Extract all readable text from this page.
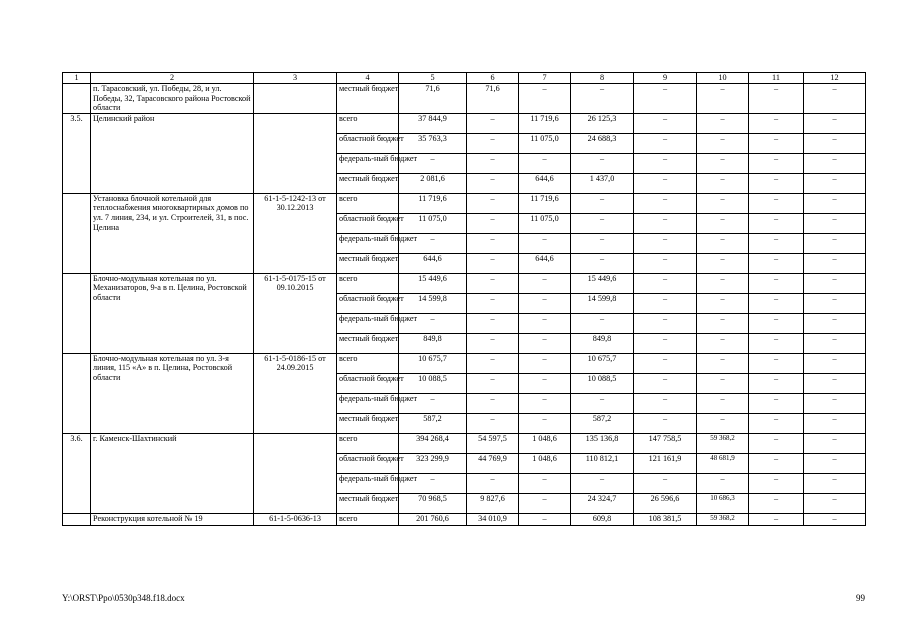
1	2	3	4	5	6	7	8	9	10	11	12
	п. Тарасовский, ул. Победы, 28, и ул. Победы, 32, Тарасовского района Ростовской области		местный бюджет	71,6	71,6	–	–	–	–	–	–
3.5.	Целинский район		всего	37 844,9	–	11 719,6	26 125,3	–	–	–	–
			областной бюджет	35 763,3	–	11 075,0	24 688,3	–	–	–	–
			федераль-ный бюджет	–	–	–	–	–	–	–	–
			местный бюджет	2 081,6	–	644,6	1 437,0	–	–	–	–
	Установка блочной котельной для теплоснабжения многоквартирных домов по ул. 7 линия, 234, и ул. Строителей, 31, в пос. Целина	61-1-5-1242-13 от 30.12.2013	всего	11 719,6	–	11 719,6	–	–	–	–	–
			областной бюджет	11 075,0	–	11 075,0	–	–	–	–	–
			федераль-ный бюджет	–	–	–	–	–	–	–	–
			местный бюджет	644,6	–	644,6	–	–	–	–	–
	Блочно-модульная котельная по ул. Механизаторов, 9-а в п. Целина, Ростовской области	61-1-5-0175-15 от 09.10.2015	всего	15 449,6	–	–	15 449,6	–	–	–	–
			областной бюджет	14 599,8	–	–	14 599,8	–	–	–	–
			федераль-ный бюджет	–	–	–	–	–	–	–	–
			местный бюджет	849,8	–	–	849,8	–	–	–	–
	Блочно-модульная котельная по ул. 3-я линия, 115 «А» в п. Целина, Ростовской области	61-1-5-0186-15 от 24.09.2015	всего	10 675,7	–	–	10 675,7	–	–	–	–
			областной бюджет	10 088,5	–	–	10 088,5	–	–	–	–
			федераль-ный бюджет	–	–	–	–	–	–	–	–
			местный бюджет	587,2	–	–	587,2	–	–	–	–
3.6.	г. Каменск-Шахтинский		всего	394 268,4	54 597,5	1 048,6	135 136,8	147 758,5	59 368,2	–	–
			областной бюджет	323 299,9	44 769,9	1 048,6	110 812,1	121 161,9	48 681,9	–	–
			федераль-ный бюджет	–	–	–	–	–	–	–	–
			местный бюджет	70 968,5	9 827,6	–	24 324,7	26 596,6	10 686,3	–	–
	Реконструкция котельной № 19	61-1-5-0636-13	всего	201 760,6	34 010,9	–	609,8	108 381,5	59 368,2	–	–
Y:\ORST\Ppo\0530p348.f18.docx	99
